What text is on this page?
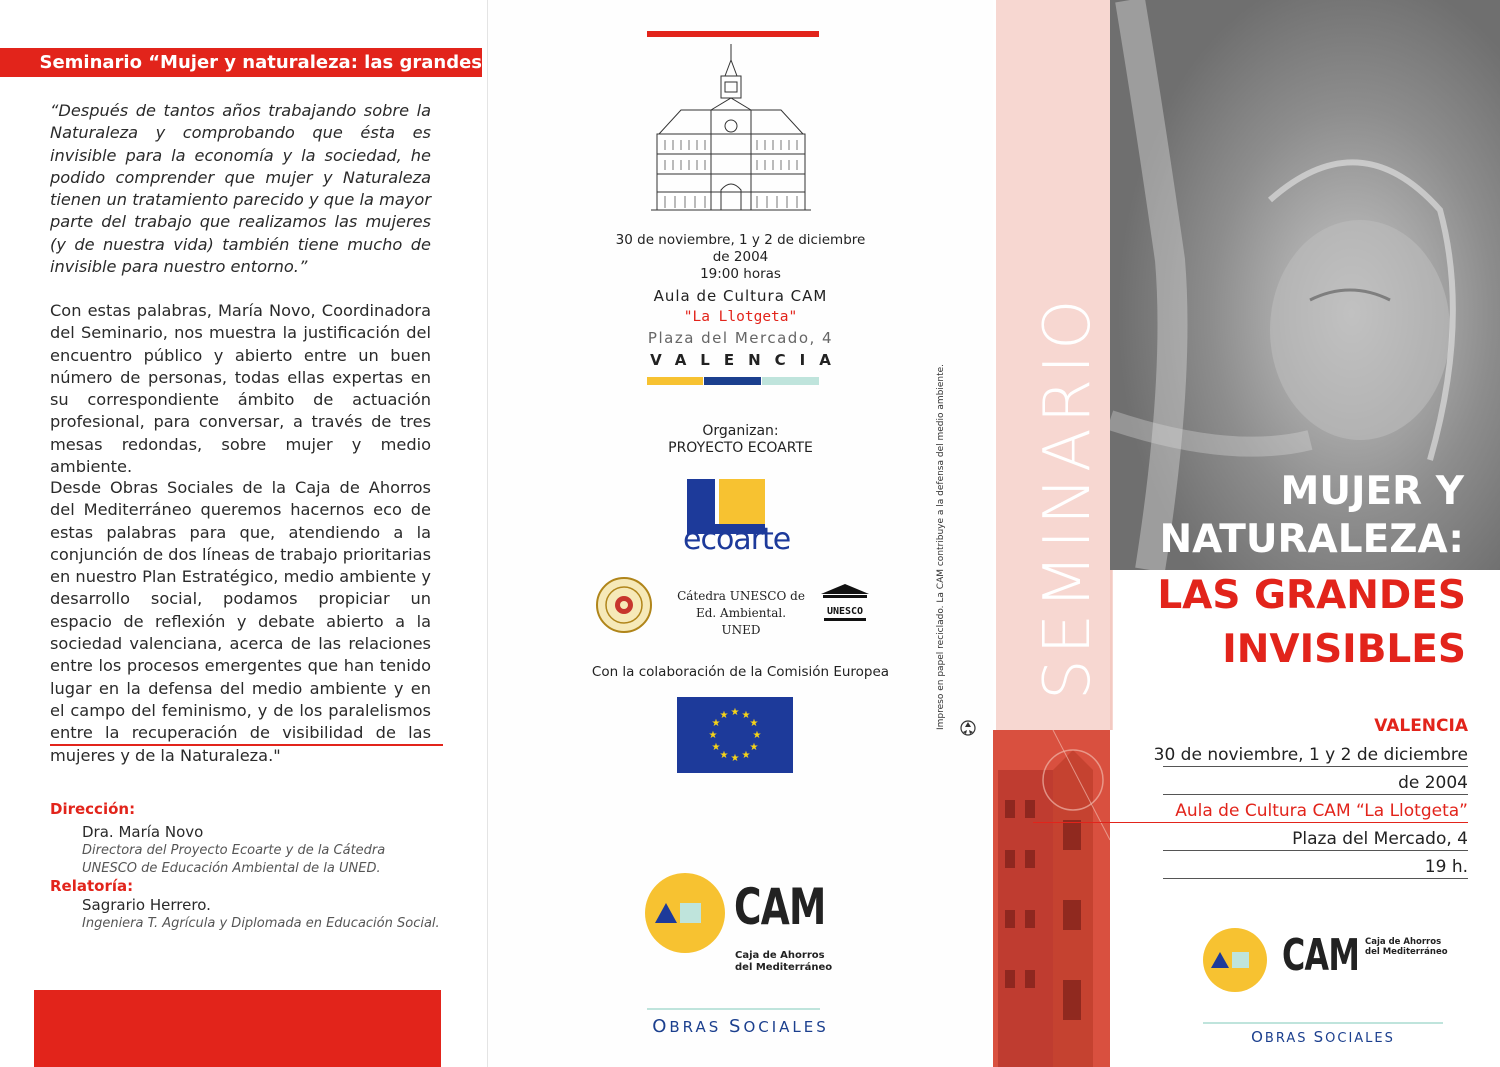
Seminario “Mujer y naturaleza: las grandes invisibles”
“Después de tantos años trabajando sobre la Naturaleza y comprobando que ésta es invisible para la economía y la sociedad, he podido comprender que mujer y Naturaleza tienen un tratamiento parecido y que la mayor parte del trabajo que realizamos las mujeres (y de nuestra vida) también tiene mucho de invisible para nuestro entorno.”
Con estas palabras, María Novo, Coordinadora del Seminario, nos muestra la justificación del encuentro público y abierto entre un buen número de personas, todas ellas expertas en su correspondiente ámbito de actuación profesional, para conversar, a través de tres mesas redondas, sobre mujer y medio ambiente.
Desde Obras Sociales de la Caja de Ahorros del Mediterráneo queremos hacernos eco de estas palabras para que, atendiendo a la conjunción de dos líneas de trabajo prioritarias en nuestro Plan Estratégico, medio ambiente y desarrollo social, podamos propiciar un espacio de reflexión y debate abierto a la sociedad valenciana, acerca de las relaciones entre los procesos emergentes que han tenido lugar en la defensa del medio ambiente y en el campo del feminismo, y de los paralelismos entre la recuperación de visibilidad de las mujeres y de la Naturaleza."
Dirección:
Dra. María Novo
Directora del Proyecto Ecoarte y de la Cátedra UNESCO de Educación Ambiental de la UNED.
Relatoría:
Sagrario Herrero.
Ingeniera T. Agrícula y Diplomada en Educación Social.
30 de noviembre, 1 y 2 de diciembre
de 2004
19:00 horas
Aula de Cultura CAM
"La Llotgeta"
Plaza del Mercado, 4
VALENCIA
Organizan:
PROYECTO ECOARTE
ecoarte
Cátedra UNESCO de
Ed. Ambiental. UNED
UNESCO
Con la colaboración de la Comisión Europea
★ ★
★
★
★
★
★
★
★
★
★
★
CAM
Caja de Ahorros
del Mediterráneo
OBRAS SOCIALES
Impreso en papel reciclado. La CAM contribuye a la defensa del medio ambiente. SEMINARIO	MUJER Y
NATURALEZA:
LAS GRANDES
INVISIBLES
VALENCIA
30 de noviembre, 1 y 2 de diciembre
de 2004
Aula de Cultura CAM “La Llotgeta”
Plaza del Mercado, 4
19 h.
CAM Caja de Ahorros
del Mediterráneo
OBRAS SOCIALES
